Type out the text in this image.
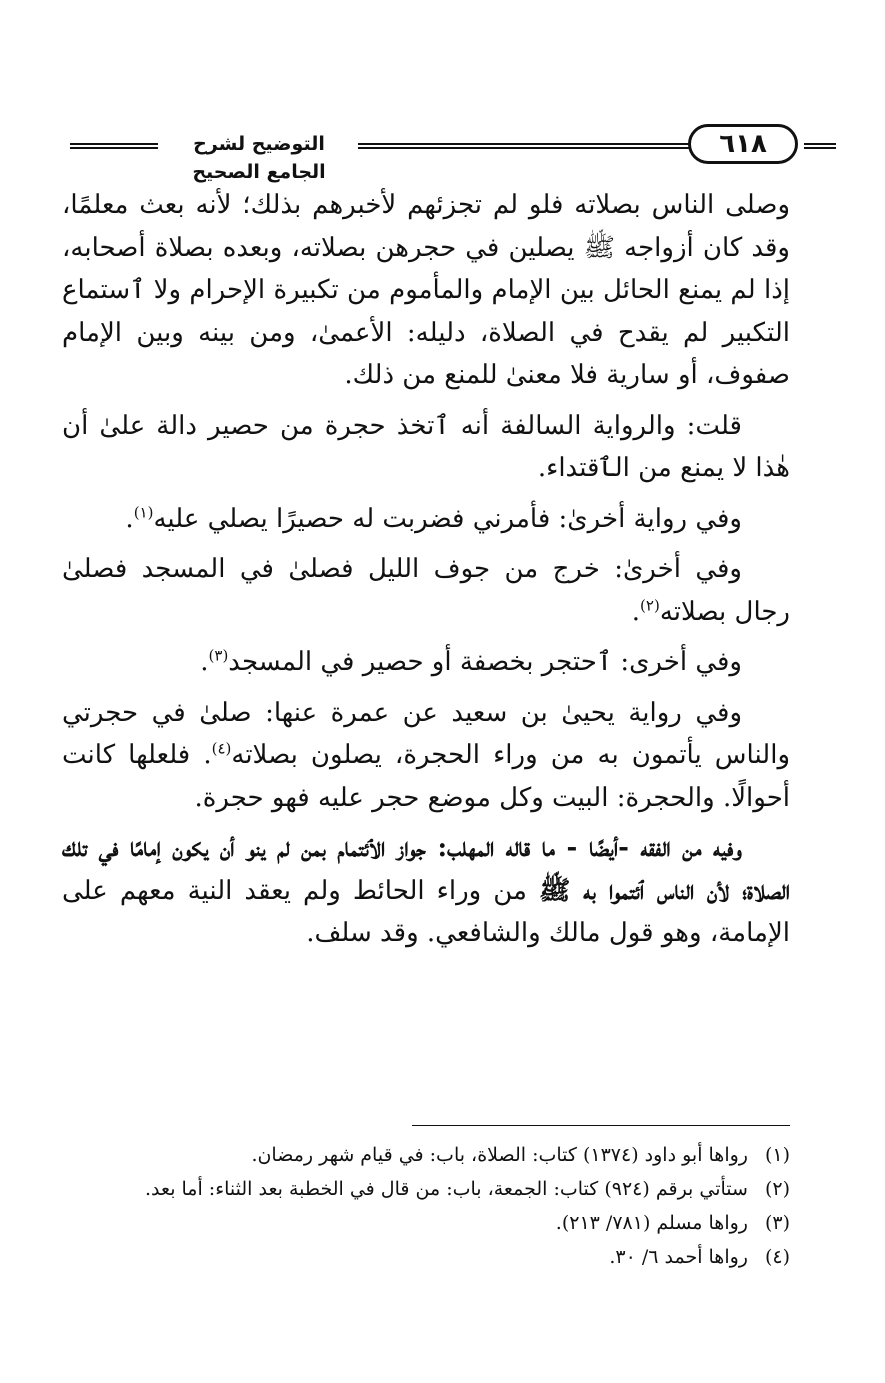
التوضيح لشرح الجامع الصحيح
٦١٨

وصلى الناس بصلاته فلو لم تجزئهم لأخبرهم بذلك؛ لأنه بعث معلمًا، وقد كان أزواجه ﷺ يصلين في حجرهن بصلاته، وبعده بصلاة أصحابه، إذا لم يمنع الحائل بين الإمام والمأموم من تكبيرة الإحرام ولا ٱستماع التكبير لم يقدح في الصلاة، دليله: الأعمىٰ، ومن بينه وبين الإمام صفوف، أو سارية فلا معنىٰ للمنع من ذلك.

قلت: والرواية السالفة أنه ٱتخذ حجرة من حصير دالة علىٰ أن هٰذا لا يمنع من الٱقتداء.

وفي رواية أخرىٰ: فأمرني فضربت له حصيرًا يصلي عليه$^{(١)}$.

وفي أخرىٰ: خرج من جوف الليل فصلىٰ في المسجد فصلىٰ رجال بصلاته$^{(٢)}$.

وفي أخرى: ٱحتجر بخصفة أو حصير في المسجد$^{(٣)}$.

وفي رواية يحيىٰ بن سعيد عن عمرة عنها: صلىٰ في حجرتي والناس يأتمون به من وراء الحجرة، يصلون بصلاته$^{(٤)}$. فلعلها كانت أحوالًا. والحجرة: البيت وكل موضع حجر عليه فهو حجرة.

وفيه من الفقه -أيضًا - ما قاله المهلب: جواز الٱئتمام بمن لم ينو أن يكون إمامًا في تلك الصلاة؛ لأن الناس ٱئتموا به ﷺ من وراء الحائط ولم يعقد النية معهم على الإمامة، وهو قول مالك والشافعي. وقد سلف.

(١) رواها أبو داود (١٣٧٤) كتاب: الصلاة، باب: في قيام شهر رمضان.
(٢) ستأتي برقم (٩٢٤) كتاب: الجمعة، باب: من قال في الخطبة بعد الثناء: أما بعد.
(٣) رواها مسلم (٧٨١/ ٢١٣).
(٤) رواها أحمد ٦/ ٣٠.
